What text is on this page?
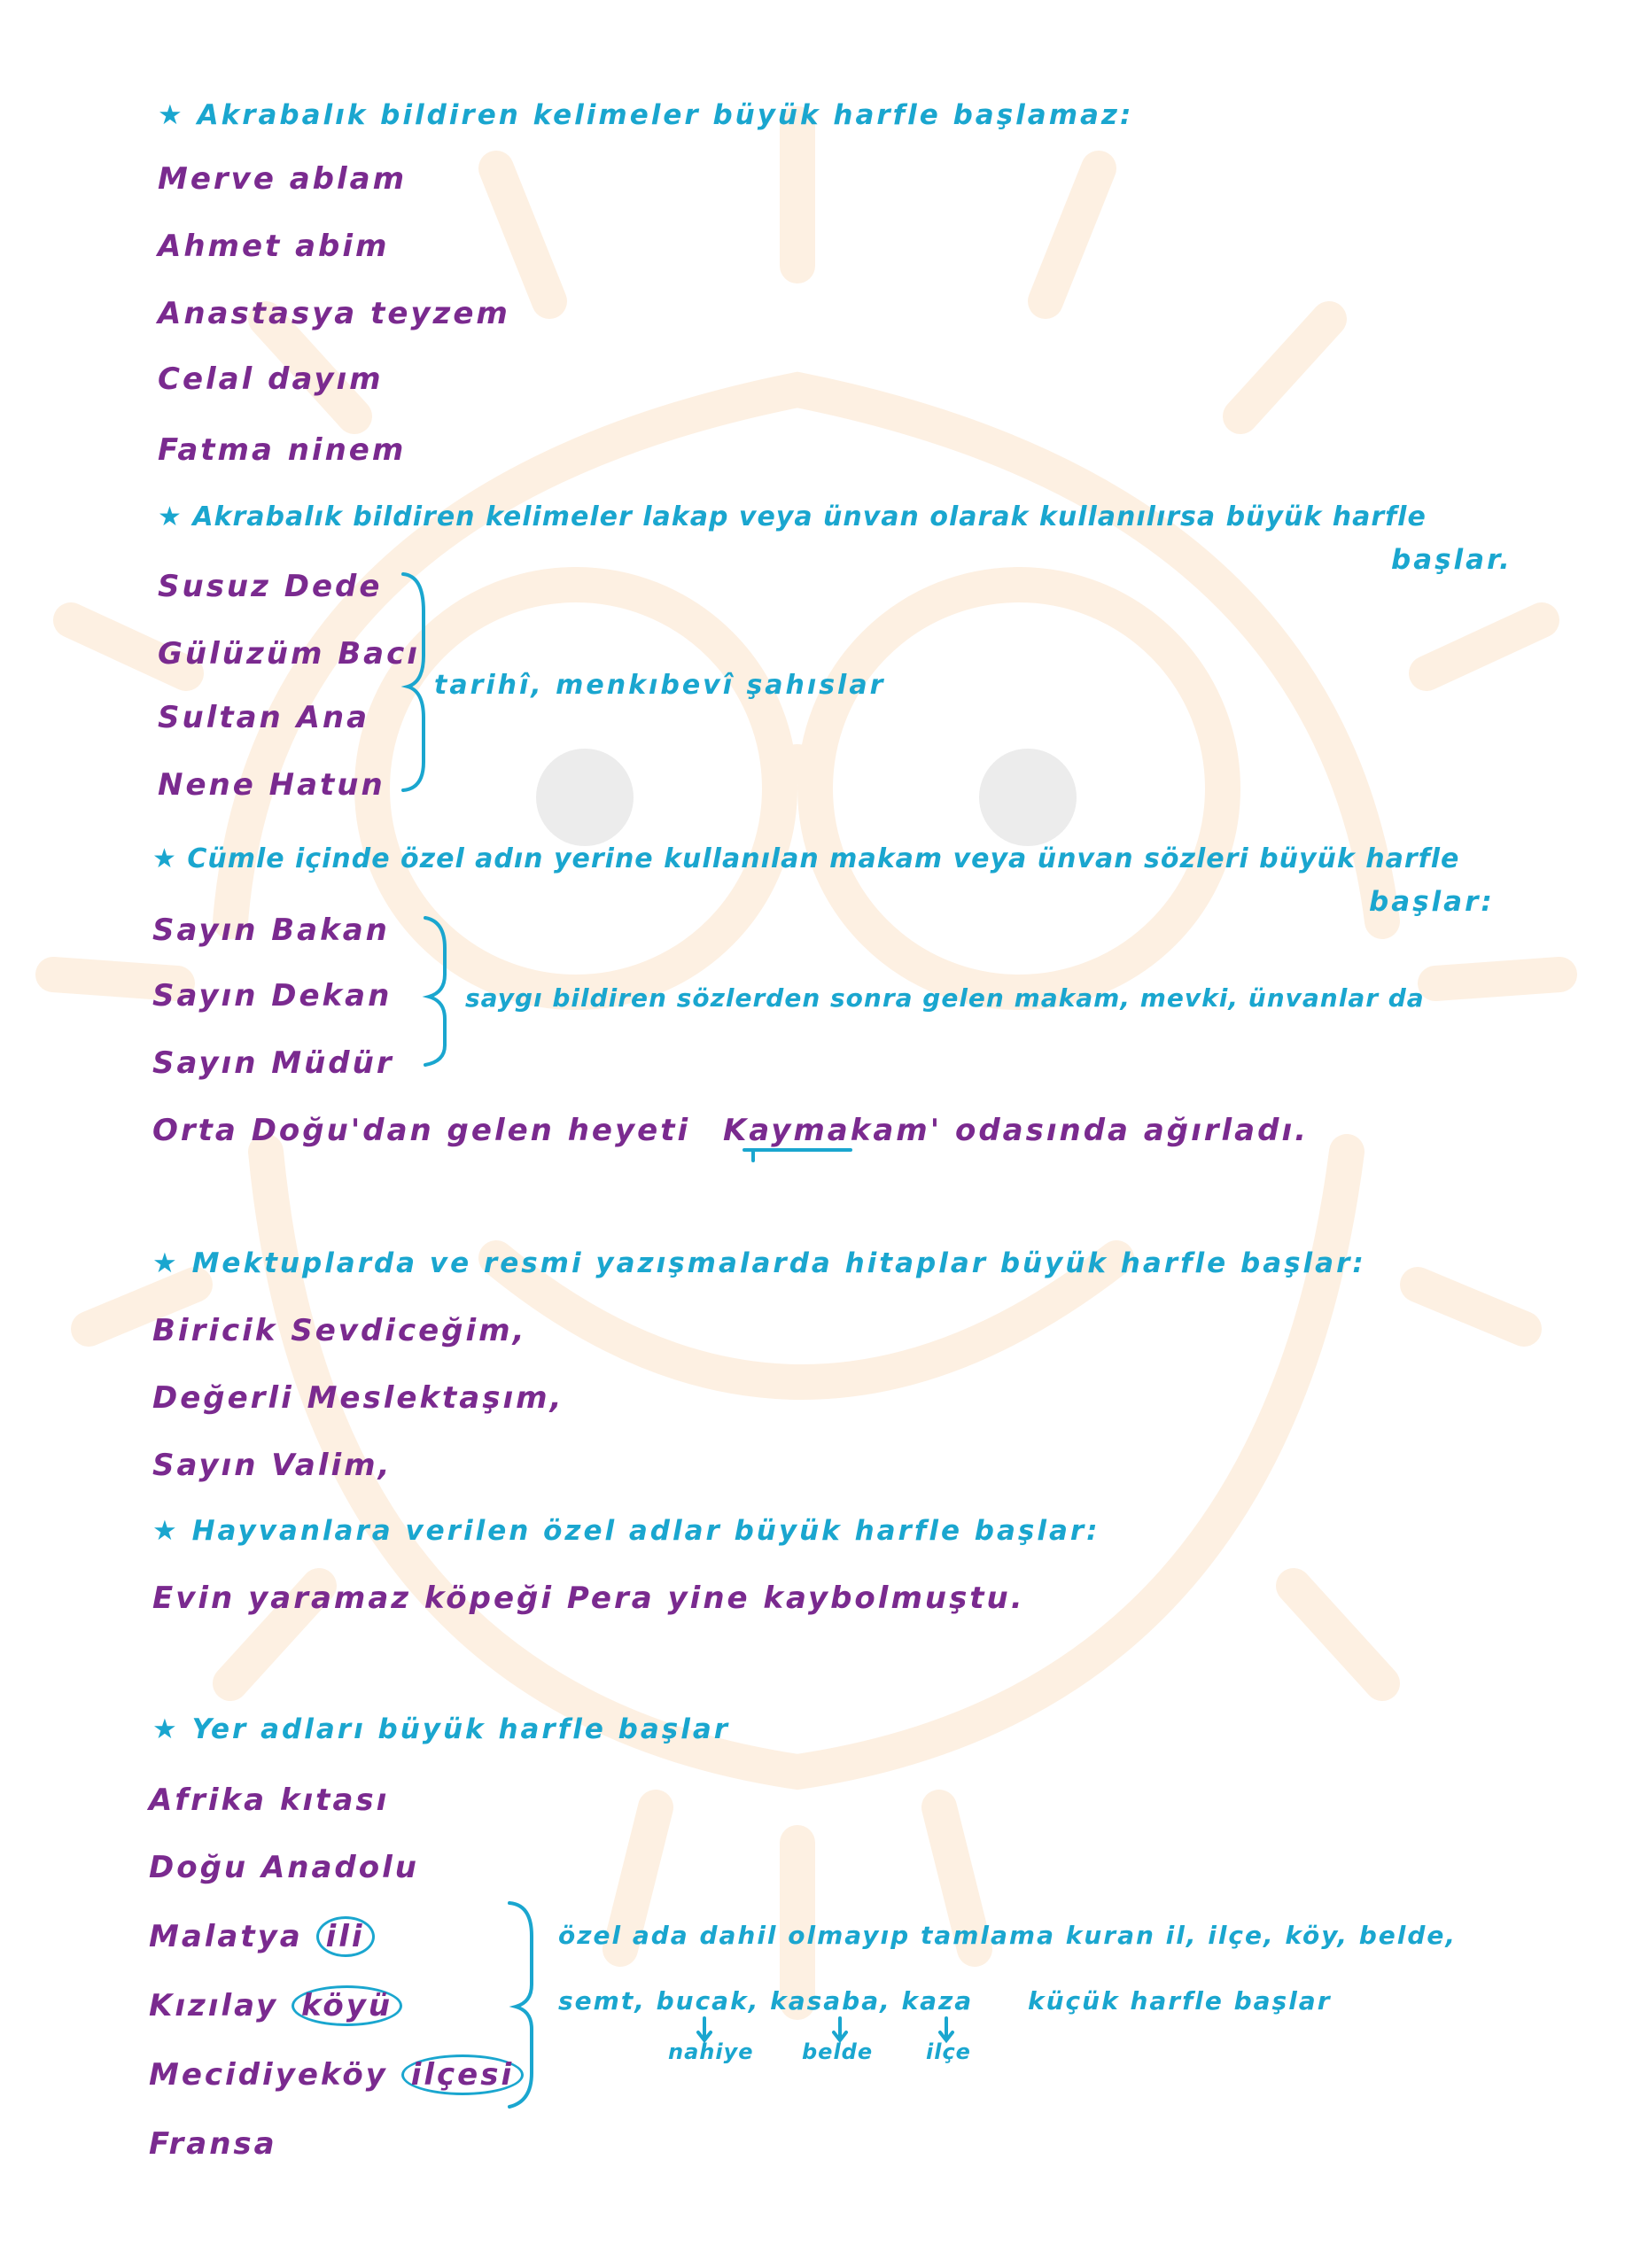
★ Akrabalık bildiren kelimeler büyük harfle başlamaz:
Merve ablam
Ahmet abim
Anastasya teyzem
Celal dayım
Fatma ninem
★ Akrabalık bildiren kelimeler lakap veya ünvan olarak kullanılırsa büyük harfle
başlar.
Susuz Dede
Gülüzüm Bacı
Sultan Ana
Nene Hatun
tarihî, menkıbevî şahıslar
★ Cümle içinde özel adın yerine kullanılan makam veya ünvan sözleri büyük harfle
başlar:
Sayın Bakan
Sayın Dekan
Sayın Müdür
saygı bildiren sözlerden sonra gelen makam, mevki, ünvanlar da
Orta Doğu'dan gelen heyeti Kaymakam' odasında ağırladı.
★ Mektuplarda ve resmi yazışmalarda hitaplar büyük harfle başlar:
Biricik Sevdiceğim,
Değerli Meslektaşım,
Sayın Valim,
★ Hayvanlara verilen özel adlar büyük harfle başlar:
Evin yaramaz köpeği Pera yine kaybolmuştu.
★ Yer adları büyük harfle başlar
Afrika kıtası
Doğu Anadolu
Malatya ili
Kızılay köyü
Mecidiyeköy ilçesi
Fransa
özel ada dahil olmayıp tamlama kuran il, ilçe, köy, belde,
semt, bucak, kasaba, kaza küçük harfle başlar
nahiye belde ilçe
